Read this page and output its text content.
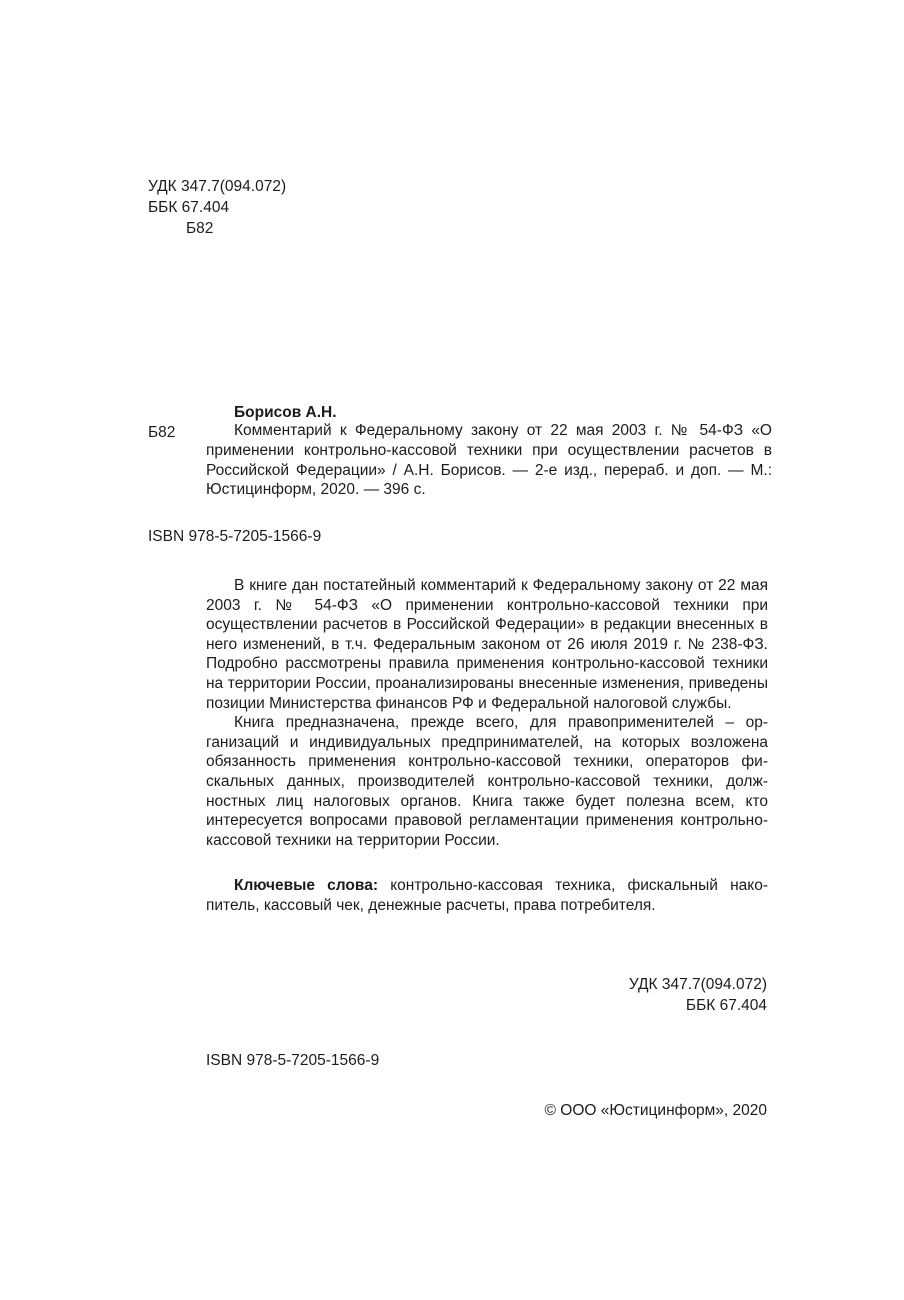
УДК 347.7(094.072)
ББК 67.404
Б82
Борисов А.Н.
Б82	Комментарий к Федеральному закону от 22 мая 2003 г. № 54-ФЗ «О применении контрольно-кассовой техники при осуществлении расчетов в Российской Федерации» / А.Н. Борисов. — 2-е изд., перераб. и доп. — М.: Юстицинформ, 2020. — 396 с.

ISBN 978-5-7205-1566-9

В книге дан постатейный комментарий к Федеральному закону от 22 мая 2003 г. № 54-ФЗ «О применении контрольно-кассовой техники при осуществлении расчетов в Российской Федерации» в редакции внесенных в него изменений, в т.ч. Федеральным законом от 26 июля 2019 г. № 238-ФЗ. Подробно рассмотрены правила применения контрольно-кассовой техники на территории России, проанализированы внесенные изменения, приведены позиции Министерства финансов РФ и Федеральной налоговой службы.

Книга предназначена, прежде всего, для правоприменителей – организаций и индивидуальных предпринимателей, на которых возложена обязанность применения контрольно-кассовой техники, операторов фискальных данных, производителей контрольно-кассовой техники, должностных лиц налоговых органов. Книга также будет полезна всем, кто интересуется вопросами правовой регламентации применения контрольно-кассовой техники на территории России.

Ключевые слова: контрольно-кассовая техника, фискальный накопитель, кассовый чек, денежные расчеты, права потребителя.

УДК 347.7(094.072)
ББК 67.404
ISBN 978-5-7205-1566-9
© ООО «Юстицинформ», 2020
